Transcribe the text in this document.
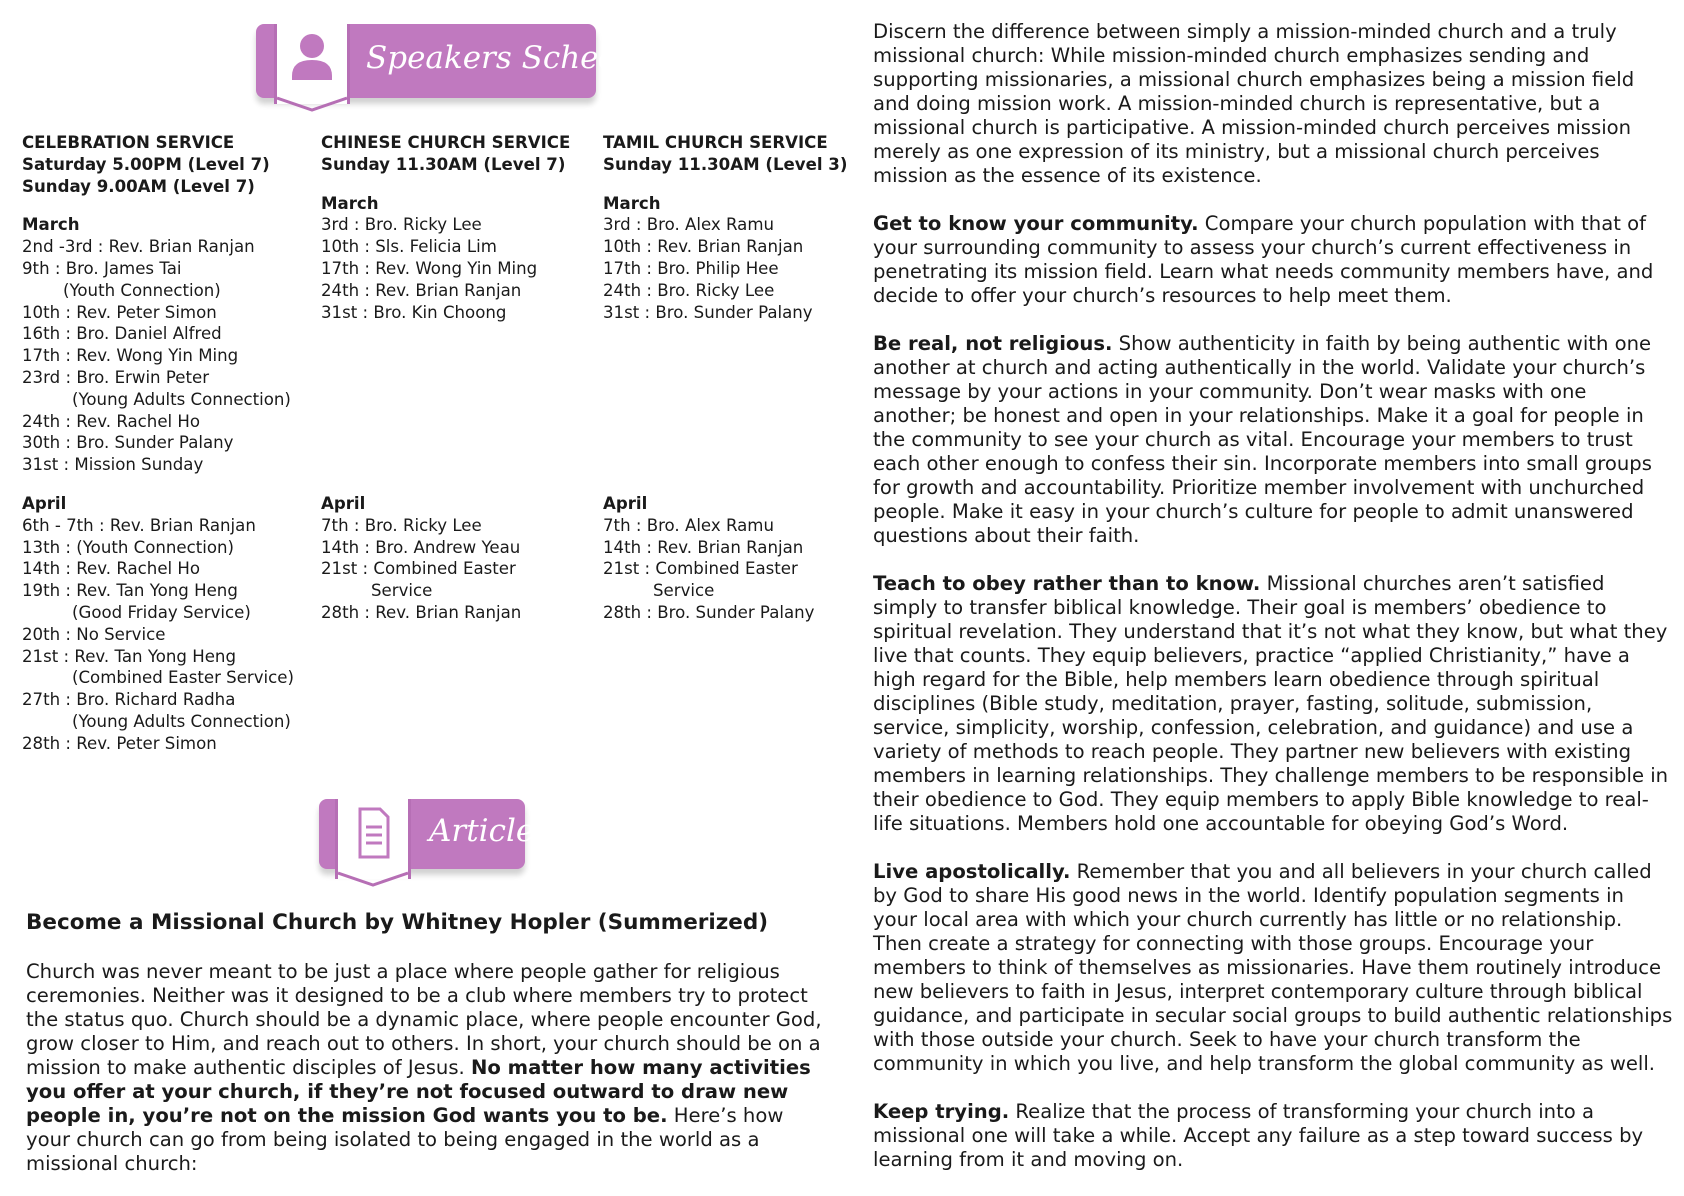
Speakers Schedule
CELEBRATION SERVICE
Saturday 5.00PM (Level 7)
Sunday 9.00AM (Level 7)
March
2nd -3rd : Rev. Brian Ranjan
9th : Bro. James Tai
(Youth Connection)
10th : Rev. Peter Simon
16th : Bro. Daniel Alfred
17th : Rev. Wong Yin Ming
23rd : Bro. Erwin Peter
(Young Adults Connection)
24th : Rev. Rachel Ho
30th : Bro. Sunder Palany
31st : Mission Sunday
April
6th - 7th : Rev. Brian Ranjan
13th : (Youth Connection)
14th : Rev. Rachel Ho
19th : Rev. Tan Yong Heng
(Good Friday Service)
20th : No Service
21st : Rev. Tan Yong Heng
(Combined Easter Service)
27th : Bro. Richard Radha
(Young Adults Connection)
28th : Rev. Peter Simon
CHINESE CHURCH SERVICE
Sunday 11.30AM (Level 7)
March
3rd : Bro. Ricky Lee
10th : Sls. Felicia Lim
17th : Rev. Wong Yin Ming
24th : Rev. Brian Ranjan
31st : Bro. Kin Choong
April
7th : Bro. Ricky Lee
14th : Bro. Andrew Yeau
21st : Combined Easter
Service
28th : Rev. Brian Ranjan
TAMIL CHURCH SERVICE
Sunday 11.30AM (Level 3)
March
3rd : Bro. Alex Ramu
10th : Rev. Brian Ranjan
17th : Bro. Philip Hee
24th : Bro. Ricky Lee
31st : Bro. Sunder Palany
April
7th : Bro. Alex Ramu
14th : Rev. Brian Ranjan
21st : Combined Easter
Service
28th : Bro. Sunder Palany
Article
Become a Missional Church by Whitney Hopler (Summerized)

Church was never meant to be just a place where people gather for religious ceremonies. Neither was it designed to be a club where members try to protect the status quo. Church should be a dynamic place, where people encounter God, grow closer to Him, and reach out to others. In short, your church should be on a mission to make authentic disciples of Jesus. No matter how many activities you offer at your church, if they’re not focused outward to draw new people in, you’re not on the mission God wants you to be. Here’s how your church can go from being isolated to being engaged in the world as a missional church:

Discern the difference between simply a mission-minded church and a truly missional church: While mission-minded church emphasizes sending and supporting missionaries, a missional church emphasizes being a mission field and doing mission work. A mission-minded church is representative, but a missional church is participative. A mission-minded church perceives mission merely as one expression of its ministry, but a missional church perceives mission as the essence of its existence.

Get to know your community. Compare your church population with that of your surrounding community to assess your church’s current effectiveness in penetrating its mission field. Learn what needs community members have, and decide to offer your church’s resources to help meet them.

Be real, not religious. Show authenticity in faith by being authentic with one another at church and acting authentically in the world. Validate your church’s message by your actions in your community. Don’t wear masks with one another; be honest and open in your relationships. Make it a goal for people in the community to see your church as vital. Encourage your members to trust each other enough to confess their sin. Incorporate members into small groups for growth and accountability. Prioritize member involvement with unchurched people. Make it easy in your church’s culture for people to admit unanswered questions about their faith.

Teach to obey rather than to know. Missional churches aren’t satisfied simply to transfer biblical knowledge. Their goal is members’ obedience to spiritual revelation. They understand that it’s not what they know, but what they live that counts. They equip believers, practice “applied Christianity,” have a high regard for the Bible, help members learn obedience through spiritual disciplines (Bible study, meditation, prayer, fasting, solitude, submission, service, simplicity, worship, confession, celebration, and guidance) and use a variety of methods to reach people. They partner new believers with existing members in learning relationships. They challenge members to be responsible in their obedience to God. They equip members to apply Bible knowledge to real-life situations. Members hold one accountable for obeying God’s Word.

Live apostolically. Remember that you and all believers in your church called by God to share His good news in the world. Identify population segments in your local area with which your church currently has little or no relationship. Then create a strategy for connecting with those groups. Encourage your members to think of themselves as missionaries. Have them routinely introduce new believers to faith in Jesus, interpret contemporary culture through biblical guidance, and participate in secular social groups to build authentic relationships with those outside your church. Seek to have your church transform the community in which you live, and help transform the global community as well.

Keep trying. Realize that the process of transforming your church into a missional one will take a while. Accept any failure as a step toward success by learning from it and moving on.
